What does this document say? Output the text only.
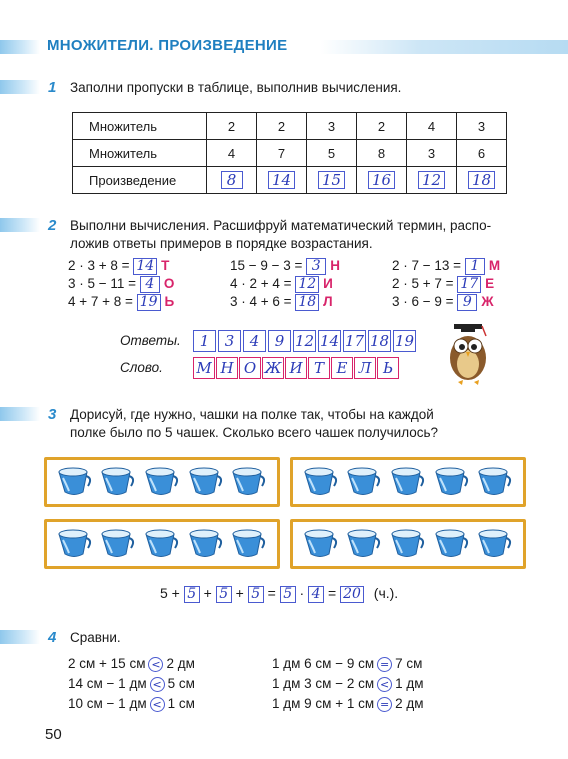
МНОЖИТЕЛИ. ПРОИЗВЕДЕНИЕ
1 Заполни пропуски в таблице, выполнив вычисления.
Множитель	2	2	3	2	4	3
Множитель	4	7	5	8	3	6
Произведение	8	14	15	16	12	18
2 Выполни вычисления. Расшифруй математический термин, распо-
ложив ответы примеров в порядке возрастания.
2 · 3 + 8 = 14 Т
3 · 5 − 11 = 4 О
4 + 7 + 8 = 19 Ь
15 − 9 − 3 = 3 Н
4 · 2 + 4 = 12 И
3 · 4 + 6 = 18 Л
2 · 7 − 13 = 1 М
2 · 5 + 7 = 17 Е
3 · 6 − 9 = 9 Ж
Ответы.	1	3	4	9 12 14 17 18 19
Слово. М Н О Ж И Т Е Л Ь
3 Дорисуй, где нужно, чашки на полке так, чтобы на каждой
полке было по 5 чашек. Сколько всего чашек получилось?
5 + 5 + 5 + 5 = 5 · 4 = 20 (ч.).
4 Сравни.
2 см + 15 см < 2 дм
14 см − 1 дм < 5 см
10 см − 1 дм < 1 см
1 дм 6 см − 9 см = 7 см
1 дм 3 см − 2 см < 1 дм
1 дм 9 см + 1 см = 2 дм
50
